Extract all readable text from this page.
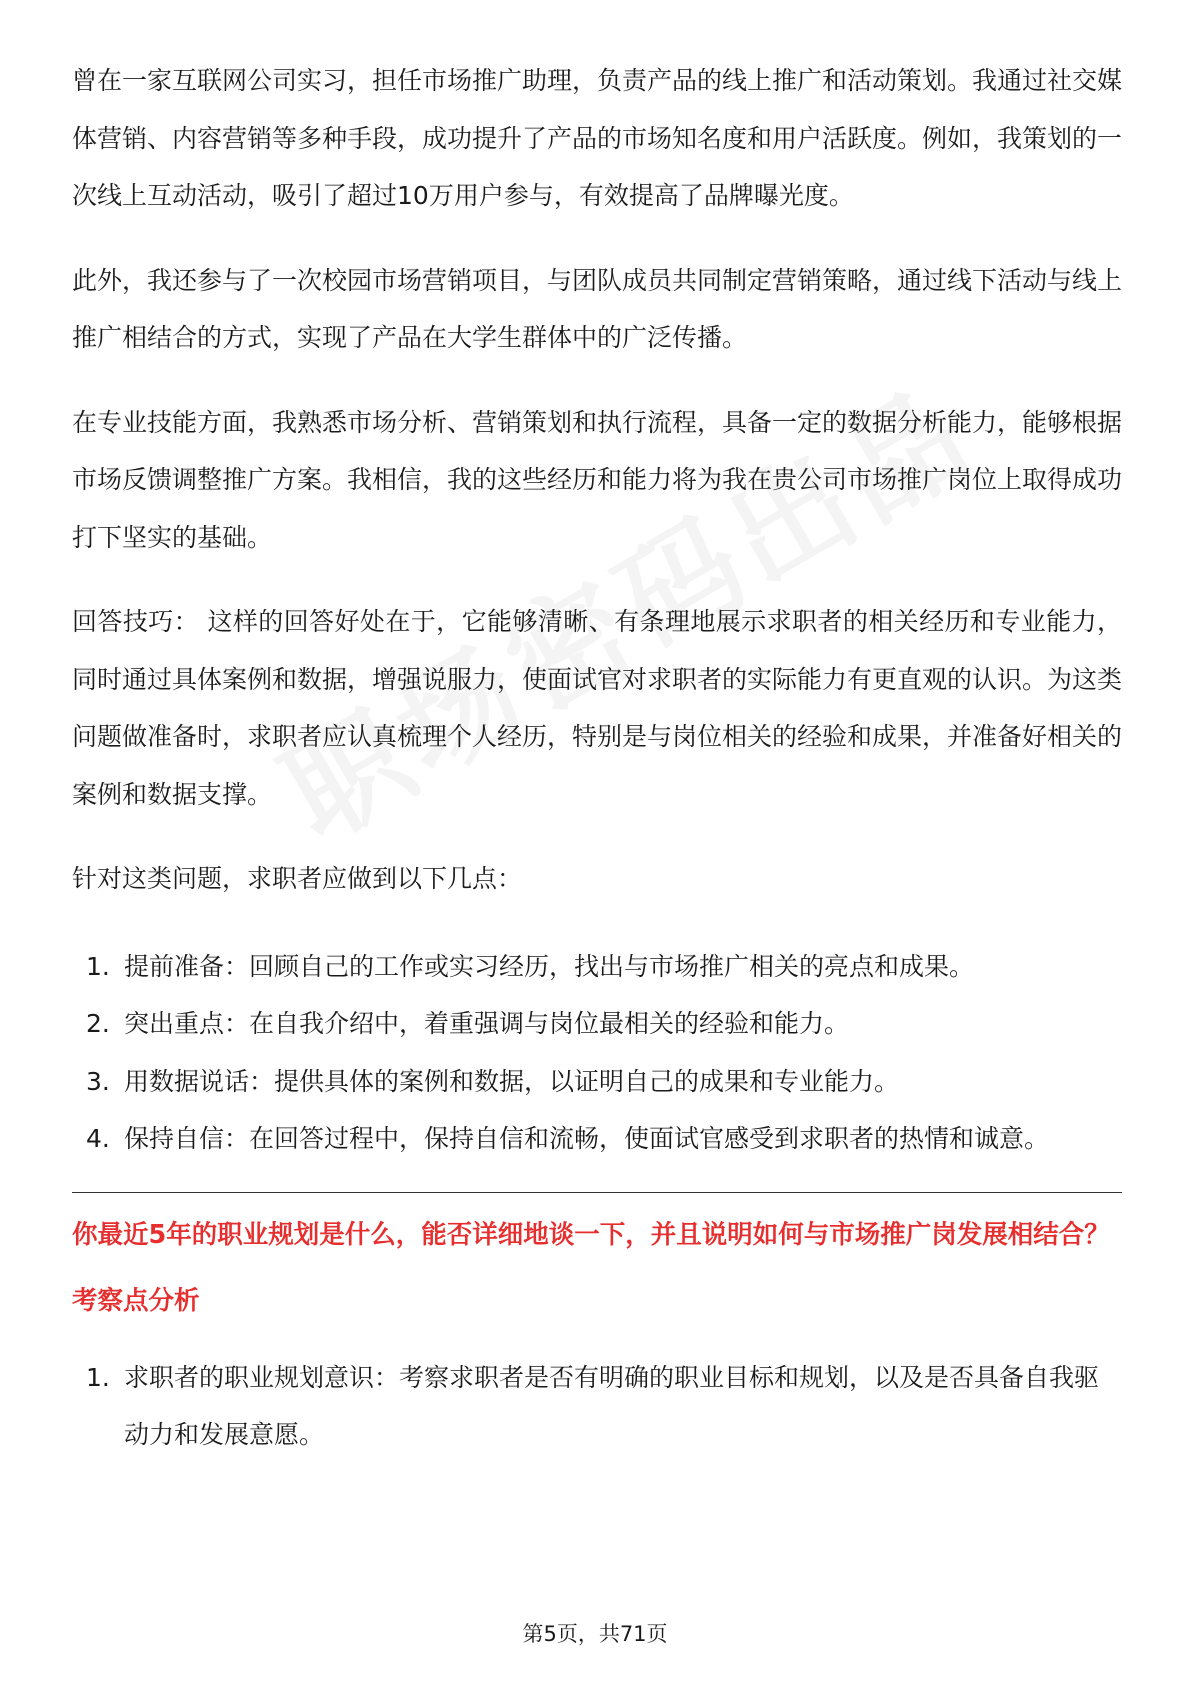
曾在一家互联网公司实习，担任市场推广助理，负责产品的线上推广和活动策划。我通过社交媒体营销、内容营销等多种手段，成功提升了产品的市场知名度和用户活跃度。例如，我策划的一次线上互动活动，吸引了超过10万用户参与，有效提高了品牌曝光度。

此外，我还参与了一次校园市场营销项目，与团队成员共同制定营销策略，通过线下活动与线上推广相结合的方式，实现了产品在大学生群体中的广泛传播。

在专业技能方面，我熟悉市场分析、营销策划和执行流程，具备一定的数据分析能力，能够根据市场反馈调整推广方案。我相信，我的这些经历和能力将为我在贵公司市场推广岗位上取得成功打下坚实的基础。

回答技巧： 这样的回答好处在于，它能够清晰、有条理地展示求职者的相关经历和专业能力，同时通过具体案例和数据，增强说服力，使面试官对求职者的实际能力有更直观的认识。为这类问题做准备时，求职者应认真梳理个人经历，特别是与岗位相关的经验和成果，并准备好相关的案例和数据支撑。

针对这类问题，求职者应做到以下几点：

1. 提前准备：回顾自己的工作或实习经历，找出与市场推广相关的亮点和成果。
2. 突出重点：在自我介绍中，着重强调与岗位最相关的经验和能力。
3. 用数据说话：提供具体的案例和数据，以证明自己的成果和专业能力。
4. 保持自信：在回答过程中，保持自信和流畅，使面试官感受到求职者的热情和诚意。

你最近5年的职业规划是什么，能否详细地谈一下，并且说明如何与市场推广岗发展相结合？

考察点分析

1. 求职者的职业规划意识：考察求职者是否有明确的职业目标和规划，以及是否具备自我驱动力和发展意愿。
第5页，共71页
